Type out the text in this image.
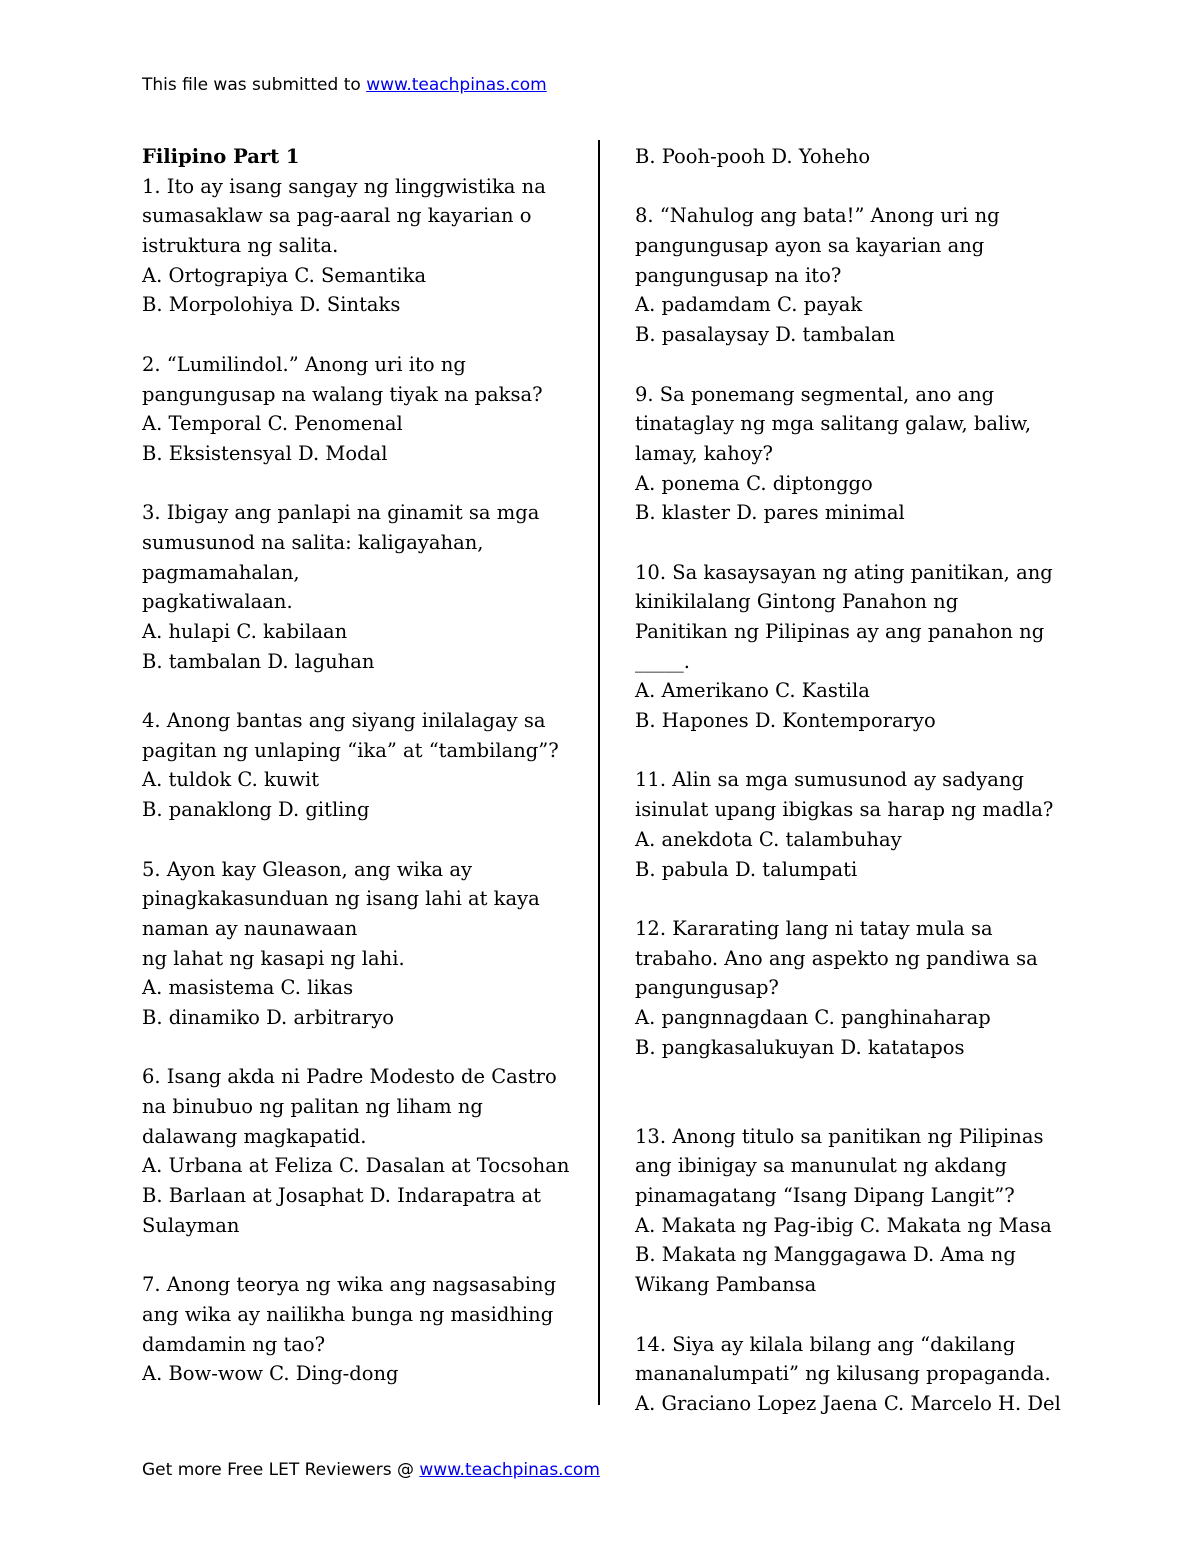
This file was submitted to www.teachpinas.com
Filipino Part 1
1. Ito ay isang sangay ng linggwistika na
sumasaklaw sa pag-aaral ng kayarian o
istruktura ng salita.
A. Ortograpiya C. Semantika
B. Morpolohiya D. Sintaks
2. “Lumilindol.” Anong uri ito ng
pangungusap na walang tiyak na paksa?
A. Temporal C. Penomenal
B. Eksistensyal D. Modal
3. Ibigay ang panlapi na ginamit sa mga
sumusunod na salita: kaligayahan,
pagmamahalan,
pagkatiwalaan.
A. hulapi C. kabilaan
B. tambalan D. laguhan
4. Anong bantas ang siyang inilalagay sa
pagitan ng unlaping “ika” at “tambilang”?
A. tuldok C. kuwit
B. panaklong D. gitling
5. Ayon kay Gleason, ang wika ay
pinagkakasunduan ng isang lahi at kaya
naman ay naunawaan
ng lahat ng kasapi ng lahi.
A. masistema C. likas
B. dinamiko D. arbitraryo
6. Isang akda ni Padre Modesto de Castro
na binubuo ng palitan ng liham ng
dalawang magkapatid.
A. Urbana at Feliza C. Dasalan at Tocsohan
B. Barlaan at Josaphat D. Indarapatra at
Sulayman
7. Anong teorya ng wika ang nagsasabing
ang wika ay nailikha bunga ng masidhing
damdamin ng tao?
A. Bow-wow C. Ding-dong
B. Pooh-pooh D. Yoheho
8. “Nahulog ang bata!” Anong uri ng
pangungusap ayon sa kayarian ang
pangungusap na ito?
A. padamdam C. payak
B. pasalaysay D. tambalan
9. Sa ponemang segmental, ano ang
tinataglay ng mga salitang galaw, baliw,
lamay, kahoy?
A. ponema C. diptonggo
B. klaster D. pares minimal
10. Sa kasaysayan ng ating panitikan, ang
kinikilalang Gintong Panahon ng
Panitikan ng Pilipinas ay ang panahon ng
_____.
A. Amerikano C. Kastila
B. Hapones D. Kontemporaryo
11. Alin sa mga sumusunod ay sadyang
isinulat upang ibigkas sa harap ng madla?
A. anekdota C. talambuhay
B. pabula D. talumpati
12. Kararating lang ni tatay mula sa
trabaho. Ano ang aspekto ng pandiwa sa
pangungusap?
A. pangnnagdaan C. panghinaharap
B. pangkasalukuyan D. katatapos
13. Anong titulo sa panitikan ng Pilipinas
ang ibinigay sa manunulat ng akdang
pinamagatang “Isang Dipang Langit”?
A. Makata ng Pag-ibig C. Makata ng Masa
B. Makata ng Manggagawa D. Ama ng
Wikang Pambansa
14. Siya ay kilala bilang ang “dakilang
mananalumpati” ng kilusang propaganda.
A. Graciano Lopez Jaena C. Marcelo H. Del
Get more Free LET Reviewers @ www.teachpinas.com
